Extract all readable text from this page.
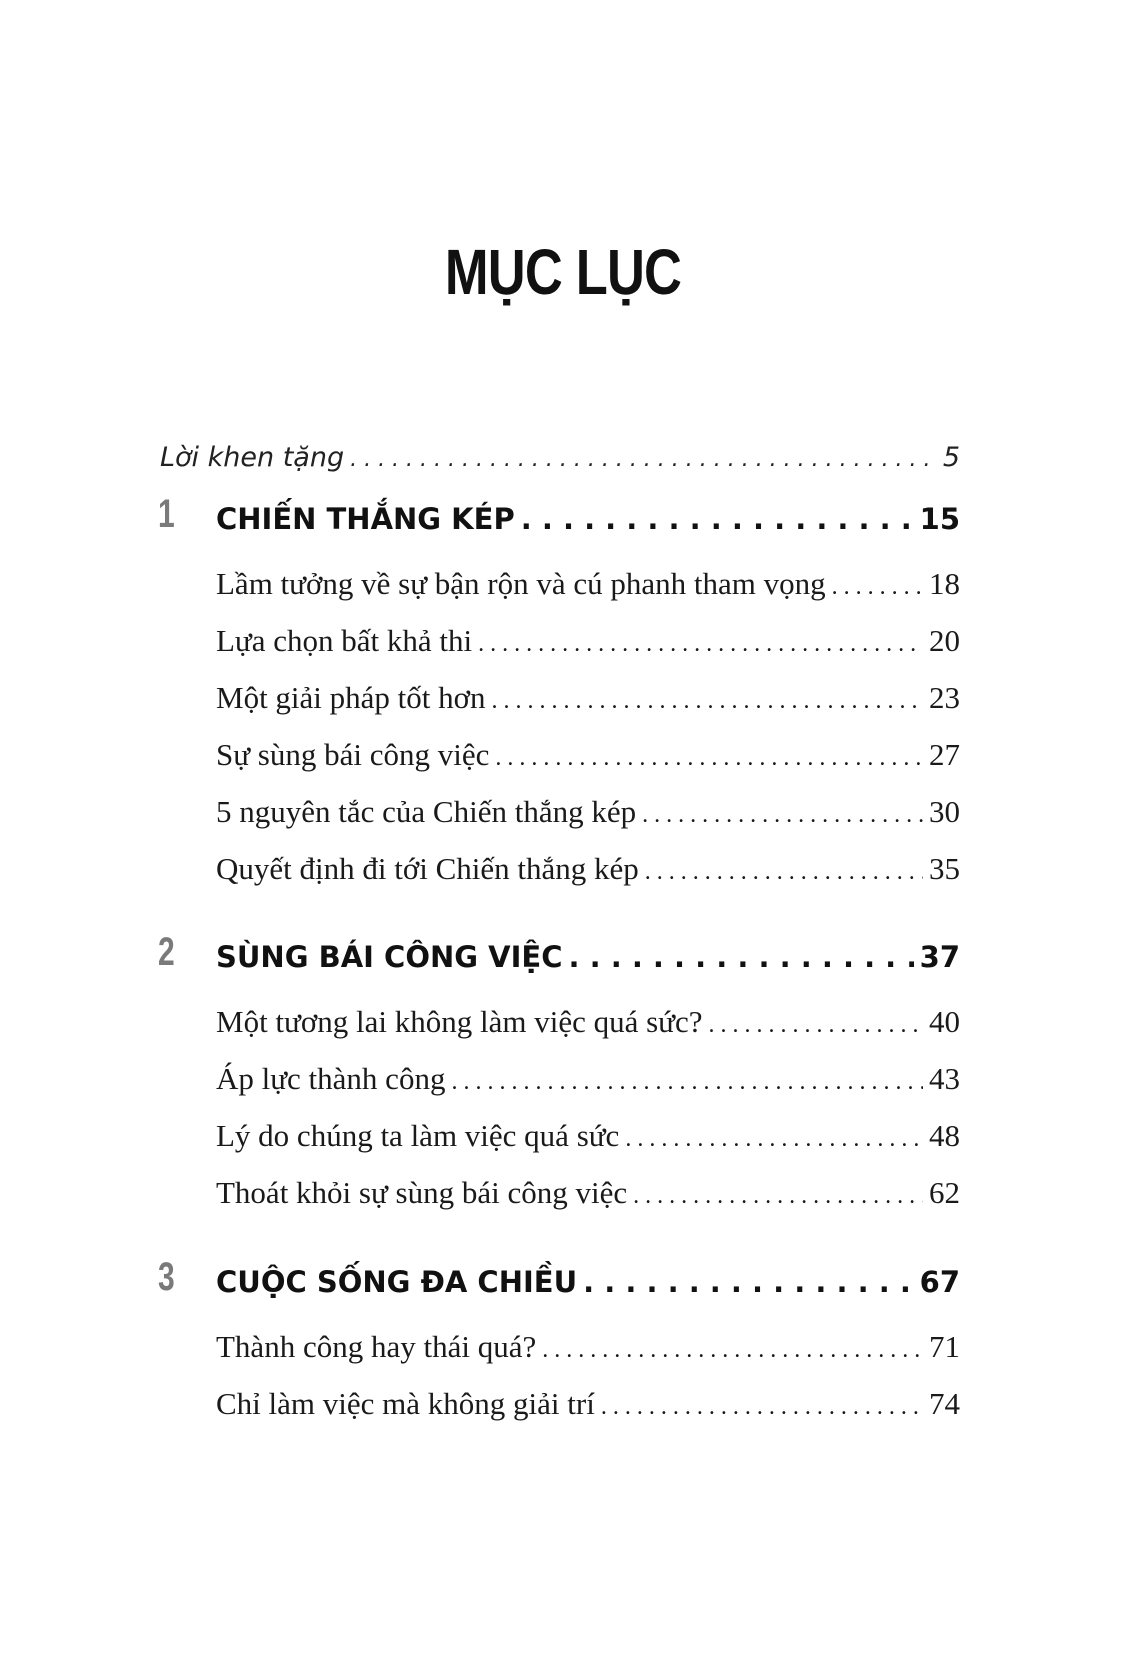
MỤC LỤC
Lời khen tặng . . .	5
1 CHIẾN THẮNG KÉP . . .	15
Lầm tưởng về sự bận rộn và cú phanh tham vọng . . .	18
Lựa chọn bất khả thi . . .	20
Một giải pháp tốt hơn . . .	23
Sự sùng bái công việc . . .	27
5 nguyên tắc của Chiến thắng kép . . .	30
Quyết định đi tới Chiến thắng kép . . .	35
2 SÙNG BÁI CÔNG VIỆC . . .	37
Một tương lai không làm việc quá sức? . . .	40
Áp lực thành công . . .	43
Lý do chúng ta làm việc quá sức . . .	48
Thoát khỏi sự sùng bái công việc . . .	62
3 CUỘC SỐNG ĐA CHIỀU . . .	67
Thành công hay thái quá? . . .	71
Chỉ làm việc mà không giải trí . . .	74
